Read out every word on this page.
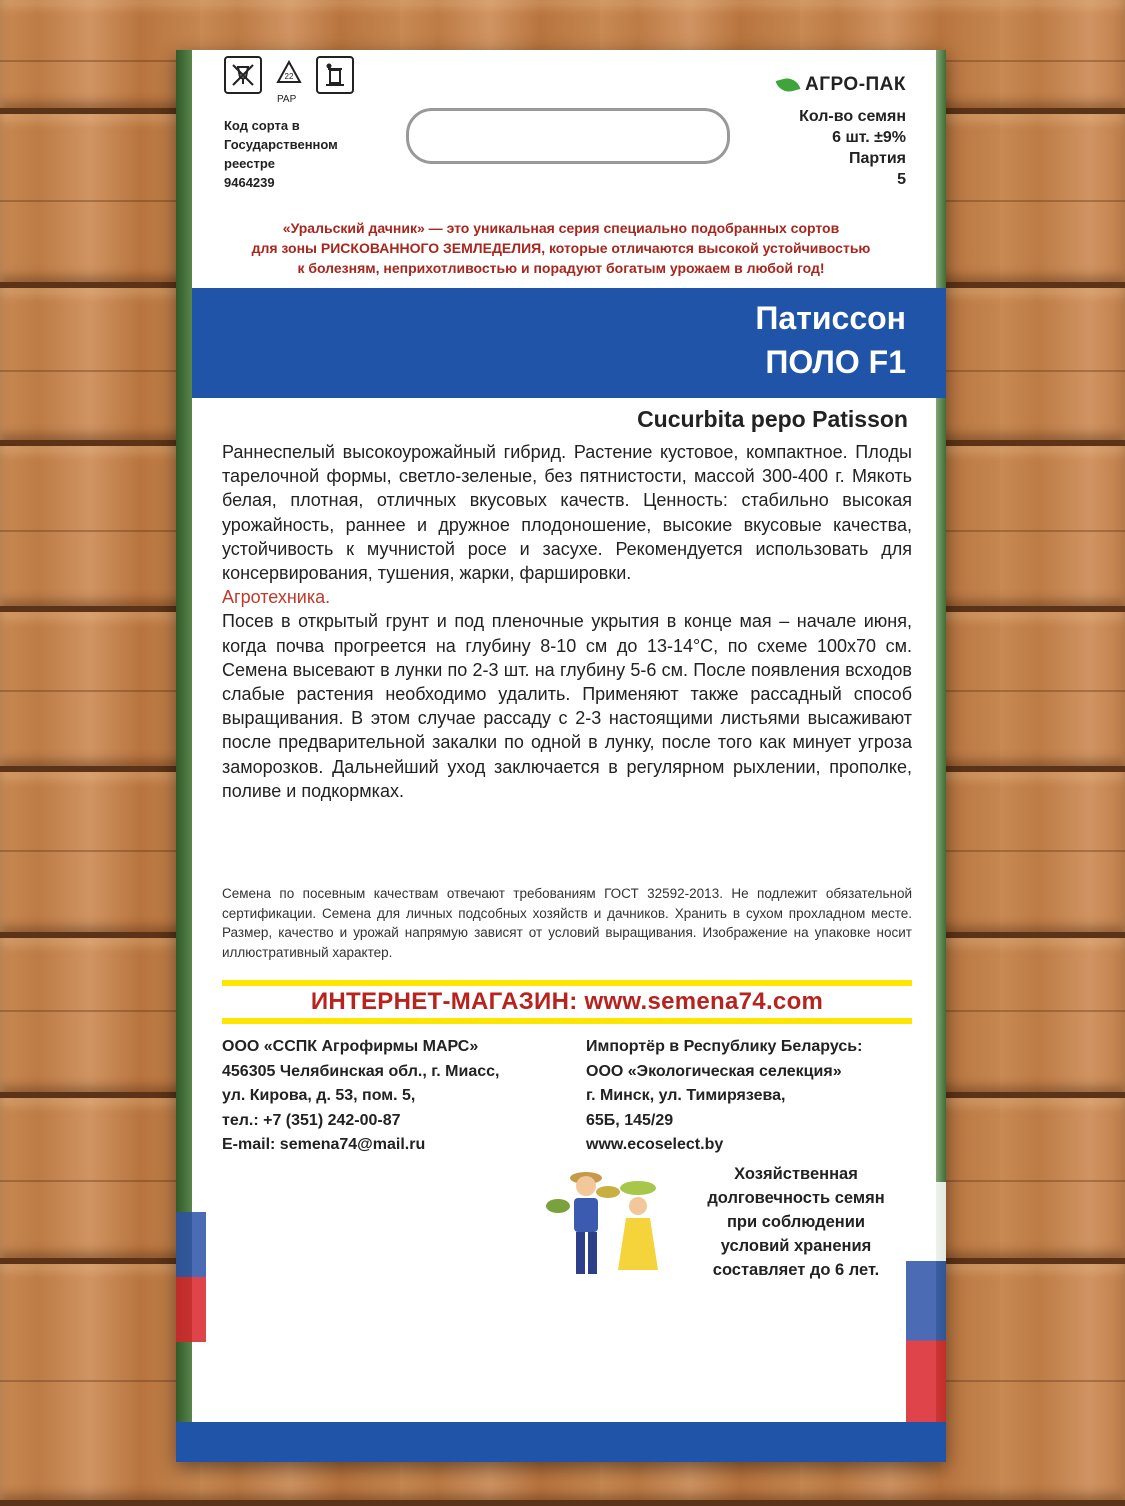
22
PAP
Код сорта в
Государственном
реестре
9464239
АГРО-ПАК
Кол-во семян
6 шт. ±9%
Партия
5
«Уральский дачник» — это уникальная серия специально подобранных сортов
для зоны РИСКОВАННОГО ЗЕМЛЕДЕЛИЯ, которые отличаются высокой устойчивостью
к болезням, неприхотливостью и порадуют богатым урожаем в любой год!
Патиссон
ПОЛО F1
Cucurbita pepo Patisson

Раннеспелый высокоурожайный гибрид. Растение кустовое, компактное. Плоды тарелочной формы, светло-зеленые, без пятнистости, массой 300-400 г. Мякоть белая, плотная, отличных вкусовых качеств. Ценность: стабильно высокая урожайность, раннее и дружное плодоношение, высокие вкусовые качества, устойчивость к мучнистой росе и засухе. Рекомендуется использовать для консервирования, тушения, жарки, фаршировки.

Агротехника.

Посев в открытый грунт и под пленочные укрытия в конце мая – начале июня, когда почва прогреется на глубину 8-10 см до 13-14°С, по схеме 100х70 см. Семена высевают в лунки по 2-3 шт. на глубину 5-6 см. После появления всходов слабые растения необходимо удалить. Применяют также рассадный способ выращивания. В этом случае рассаду с 2-3 настоящими листьями высаживают после предварительной закалки по одной в лунку, после того как минует угроза заморозков. Дальнейший уход заключается в регулярном рыхлении, прополке, поливе и подкормках.

Семена по посевным качествам отвечают требованиям ГОСТ 32592-2013. Не подлежит обязательной сертификации. Семена для личных подсобных хозяйств и дачников. Хранить в сухом прохладном месте. Размер, качество и урожай напрямую зависят от условий выращивания. Изображение на упаковке носит иллюстративный характер.
ИНТЕРНЕТ-МАГАЗИН: www.semena74.com
ООО «ССПК Агрофирмы МАРС»
456305 Челябинская обл., г. Миасс,
ул. Кирова, д. 53, пом. 5,
тел.: +7 (351) 242-00-87
E-mail: semena74@mail.ru
Импортёр в Республику Беларусь:
ООО «Экологическая селекция»
г. Минск, ул. Тимирязева,
65Б, 145/29
www.ecoselect.by
Хозяйственная
долговечность семян
при соблюдении
условий хранения
составляет до 6 лет.
